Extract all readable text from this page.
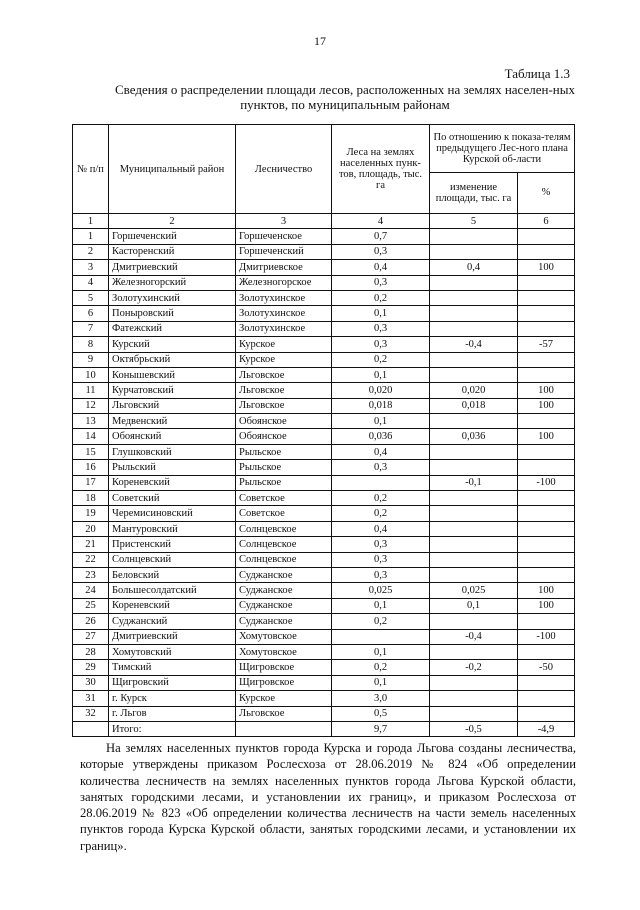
17
Таблица 1.3
Сведения о распределении площади лесов, расположенных на землях населен-ных пунктов, по муниципальным районам
№ п/п	Муниципальный район	Лесничество	Леса на землях населенных пунк-тов, площадь, тыс. га	По отношению к показа-телям предыдущего Лес-ного плана Курской об-ласти	
				изменение площади, тыс. га	%
1	2	3	4	5	6
1	Горшеченский	Горшеченское	0,7		
2	Касторенский	Горшеченский	0,3		
3	Дмитриевский	Дмитриевское	0,4	0,4	100
4	Железногорский	Железногорское	0,3		
5	Золотухинский	Золотухинское	0,2		
6	Поныровский	Золотухинское	0,1		
7	Фатежский	Золотухинское	0,3		
8	Курский	Курское	0,3	-0,4	-57
9	Октябрьский	Курское	0,2		
10	Конышевский	Льговское	0,1		
11	Курчатовский	Льговское	0,020	0,020	100
12	Льговский	Льговское	0,018	0,018	100
13	Медвенский	Обоянское	0,1		
14	Обоянский	Обоянское	0,036	0,036	100
15	Глушковский	Рыльское	0,4		
16	Рыльский	Рыльское	0,3		
17	Кореневский	Рыльское		-0,1	-100
18	Советский	Советское	0,2		
19	Черемисиновский	Советское	0,2		
20	Мантуровский	Солнцевское	0,4		
21	Пристенский	Солнцевское	0,3		
22	Солнцевский	Солнцевское	0,3		
23	Беловский	Суджанское	0,3		
24	Большесолдатский	Суджанское	0,025	0,025	100
25	Кореневский	Суджанское	0,1	0,1	100
26	Суджанский	Суджанское	0,2		
27	Дмитриевский	Хомутовское		-0,4	-100
28	Хомутовский	Хомутовское	0,1		
29	Тимский	Щигровское	0,2	-0,2	-50
30	Щигровский	Щигровское	0,1		
31	г. Курск	Курское	3,0		
32	г. Льгов	Льговское	0,5		
	Итого:		9,7	-0,5	-4,9
На землях населенных пунктов города Курска и города Льгова созданы лесничества, которые утверждены приказом Рослесхоза от 28.06.2019 № 824 «Об определении количества лесничеств на землях населенных пунктов города Льгова Курской области, занятых городскими лесами, и установлении их границ», и приказом Рослесхоза от 28.06.2019 № 823 «Об определении количества лесничеств на части земель населенных пунктов города Курска Курской области, занятых городскими лесами, и установлении их границ».
